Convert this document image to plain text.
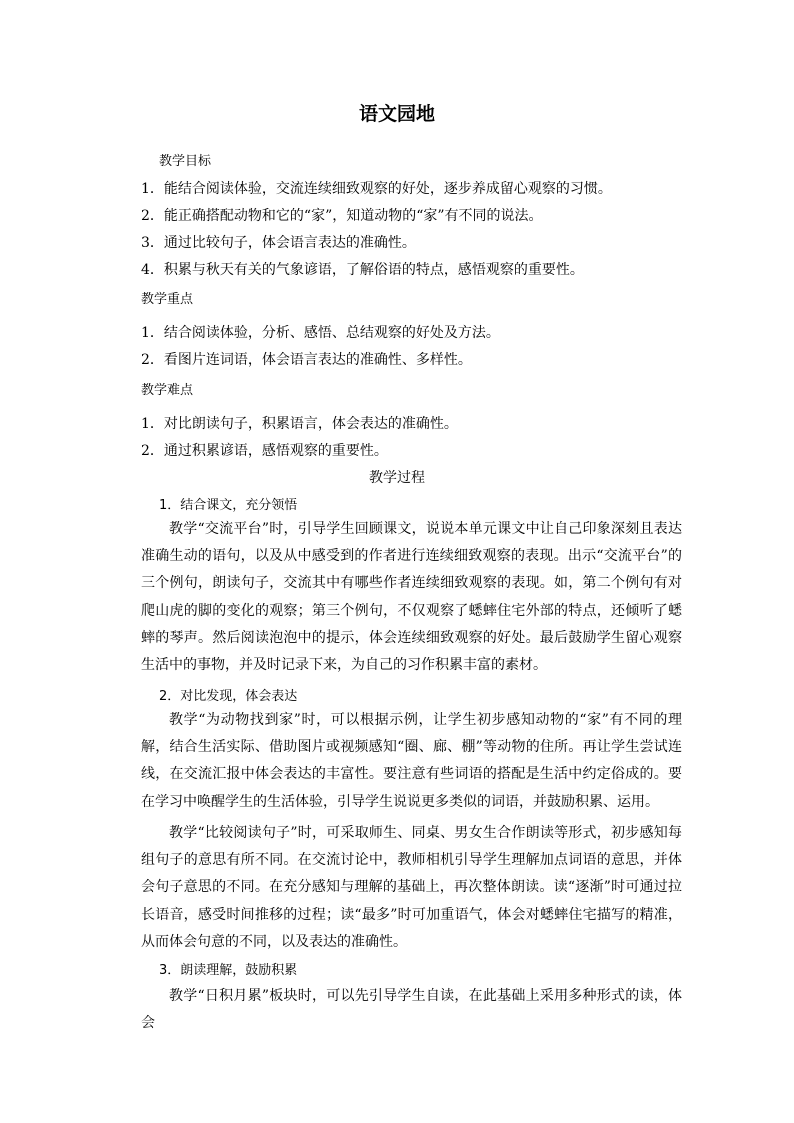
语文园地
教学目标
1．能结合阅读体验，交流连续细致观察的好处，逐步养成留心观察的习惯。
2．能正确搭配动物和它的“家”，知道动物的“家”有不同的说法。
3．通过比较句子，体会语言表达的准确性。
4．积累与秋天有关的气象谚语，了解俗语的特点，感悟观察的重要性。
教学重点
1．结合阅读体验，分析、感悟、总结观察的好处及方法。
2．看图片连词语，体会语言表达的准确性、多样性。
教学难点
1．对比朗读句子，积累语言，体会表达的准确性。
2．通过积累谚语，感悟观察的重要性。
教学过程
1．结合课文，充分领悟
教学“交流平台”时，引导学生回顾课文，说说本单元课文中让自己印象深刻且表达准确生动的语句，以及从中感受到的作者进行连续细致观察的表现。出示“交流平台”的三个例句，朗读句子，交流其中有哪些作者连续细致观察的表现。如，第二个例句有对爬山虎的脚的变化的观察；第三个例句，不仅观察了蟋蟀住宅外部的特点，还倾听了蟋蟀的琴声。然后阅读泡泡中的提示，体会连续细致观察的好处。最后鼓励学生留心观察生活中的事物，并及时记录下来，为自己的习作积累丰富的素材。
2．对比发现，体会表达
教学“为动物找到家”时，可以根据示例，让学生初步感知动物的“家”有不同的理解，结合生活实际、借助图片或视频感知“圈、廊、棚”等动物的住所。再让学生尝试连线，在交流汇报中体会表达的丰富性。要注意有些词语的搭配是生活中约定俗成的。要在学习中唤醒学生的生活体验，引导学生说说更多类似的词语，并鼓励积累、运用。
教学“比较阅读句子”时，可采取师生、同桌、男女生合作朗读等形式，初步感知每组句子的意思有所不同。在交流讨论中，教师相机引导学生理解加点词语的意思，并体会句子意思的不同。在充分感知与理解的基础上，再次整体朗读。读“逐渐”时可通过拉长语音，感受时间推移的过程；读“最多”时可加重语气，体会对蟋蟀住宅描写的精准，从而体会句意的不同，以及表达的准确性。
3．朗读理解，鼓励积累
教学“日积月累”板块时，可以先引导学生自读，在此基础上采用多种形式的读，体会
